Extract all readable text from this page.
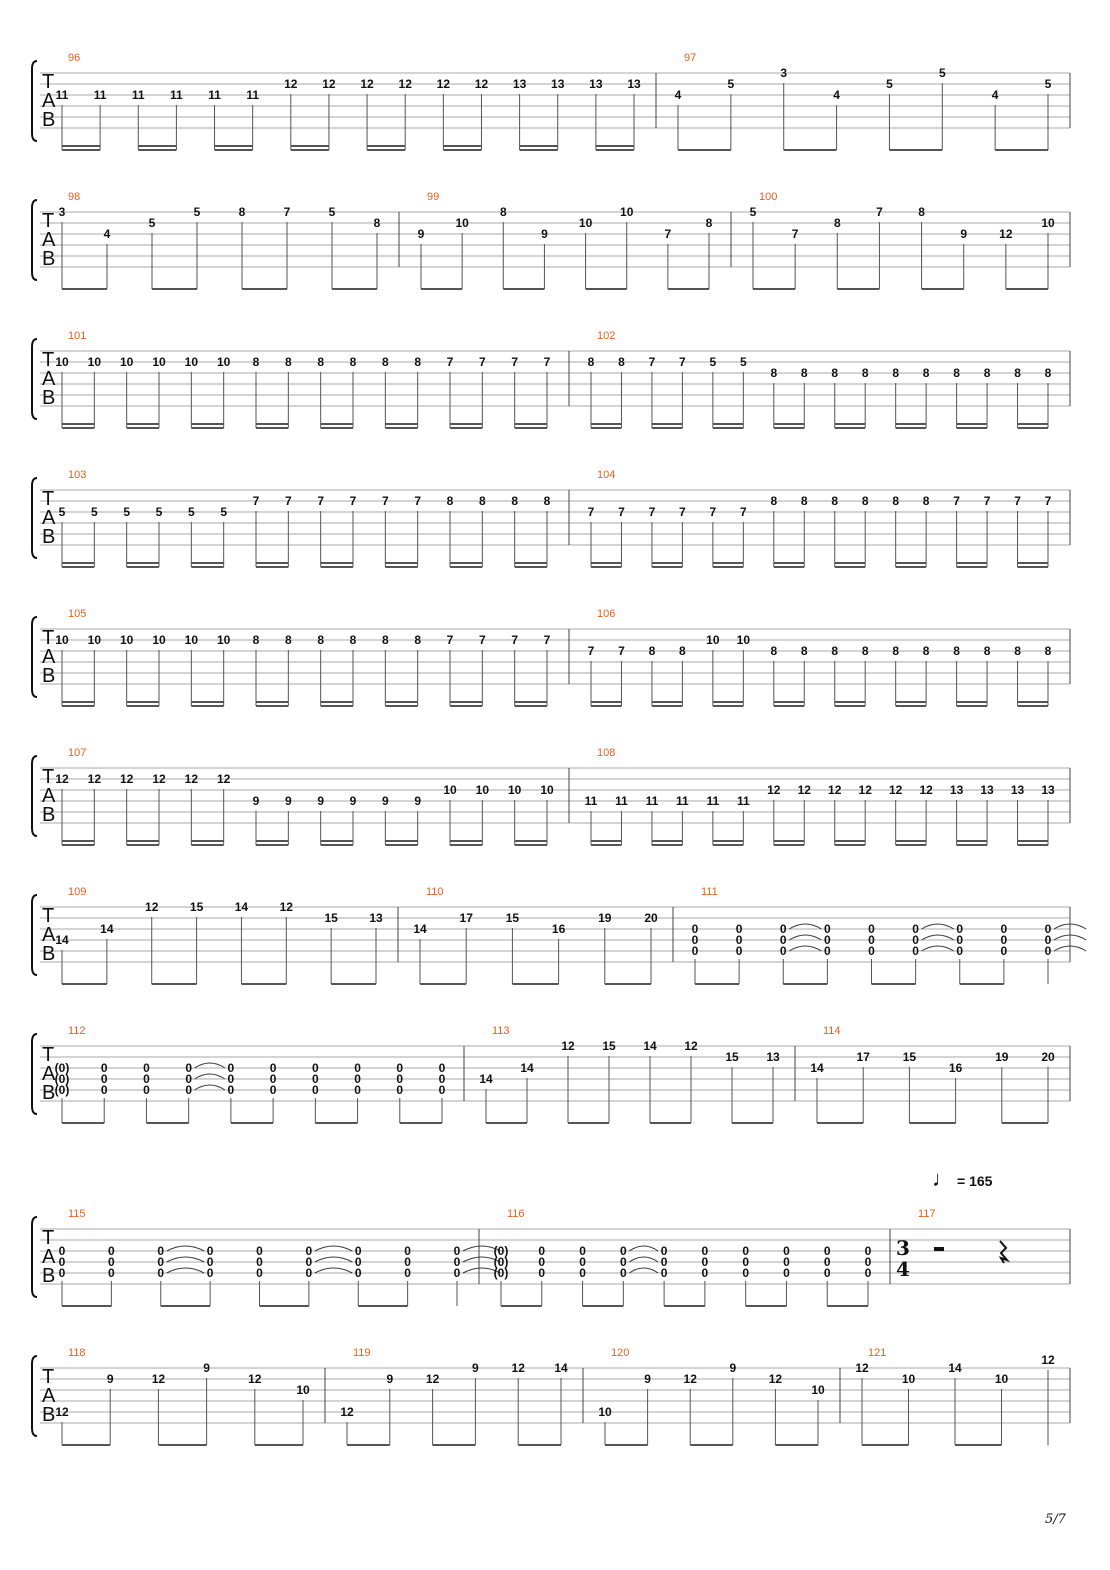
T
A
B
96
11 11 11 11 11 11
12 12 12 12 12 12 13 13 13 13
97
4
5
3
4
5
5
4
5
T
A
B
98
3
4
5
5	8	7	5
8
99
9
10
8
9
10
10
7
8
100
5
7
8
7	8
9	12
10
T
A
B
101
10 10 10 10 10 10 8 8 8 8 8 8 7 7 7 7
102
8 8 7 7 5 5
8 8 8 8 8 8 8 8 8 8
T
A
B
103
5 5 5 5 5 5
7 7 7 7 7 7 8 8 8 8
104
7 7 7 7 7 7
8 8 8 8 8 8 7 7 7 7
T
A
B
105
10 10 10 10 10 10 8 8 8 8 8 8 7 7 7 7
106
7 7 8 8
10 10
8 8 8 8 8 8 8 8 8 8
T
A
B
107
12 12 12 12 12 12
9 9 9 9 9 9
10 10 10 10
108
11 11 11 11 11 11
12 12 12 12 12 12 13 13 13 13
T
A
B
109
14
14
12	15	14	12
15	13
110
14
17	15
16
19	20
111
0
0
0
0
0
0
0
0
0
0
0
0
0
0
0
0
0
0
0
0
0
0
0
0
0
0
0
T
A
B
112
(0)
(0)
(0)
0
0
0
0
0
0
0
0
0
0
0
0
0
0
0
0
0
0
0
0
0
0
0
0
0
0
0
113
14
14
12 15 14 12
15 13
114
14
17	15
16
19	20
T
A
B
115
0
0
0
0
0
0
0
0
0
0
0
0
0
0
0
0
0
0
0
0
0
0
0
0
0
0
0
116
(0)
(0)
(0)
0
0
0
0
0
0
0
0
0
0
0
0
0
0
0
0
0
0
0
0
0
0
0
0
0
0
0
117
3
4
T
A
B
118
12
9	12
9
12
10
119
12
9	12
9	12 14
120
10
9	12
9
12
10
121
12
10
14
10
12
♩ = 165
5/7
